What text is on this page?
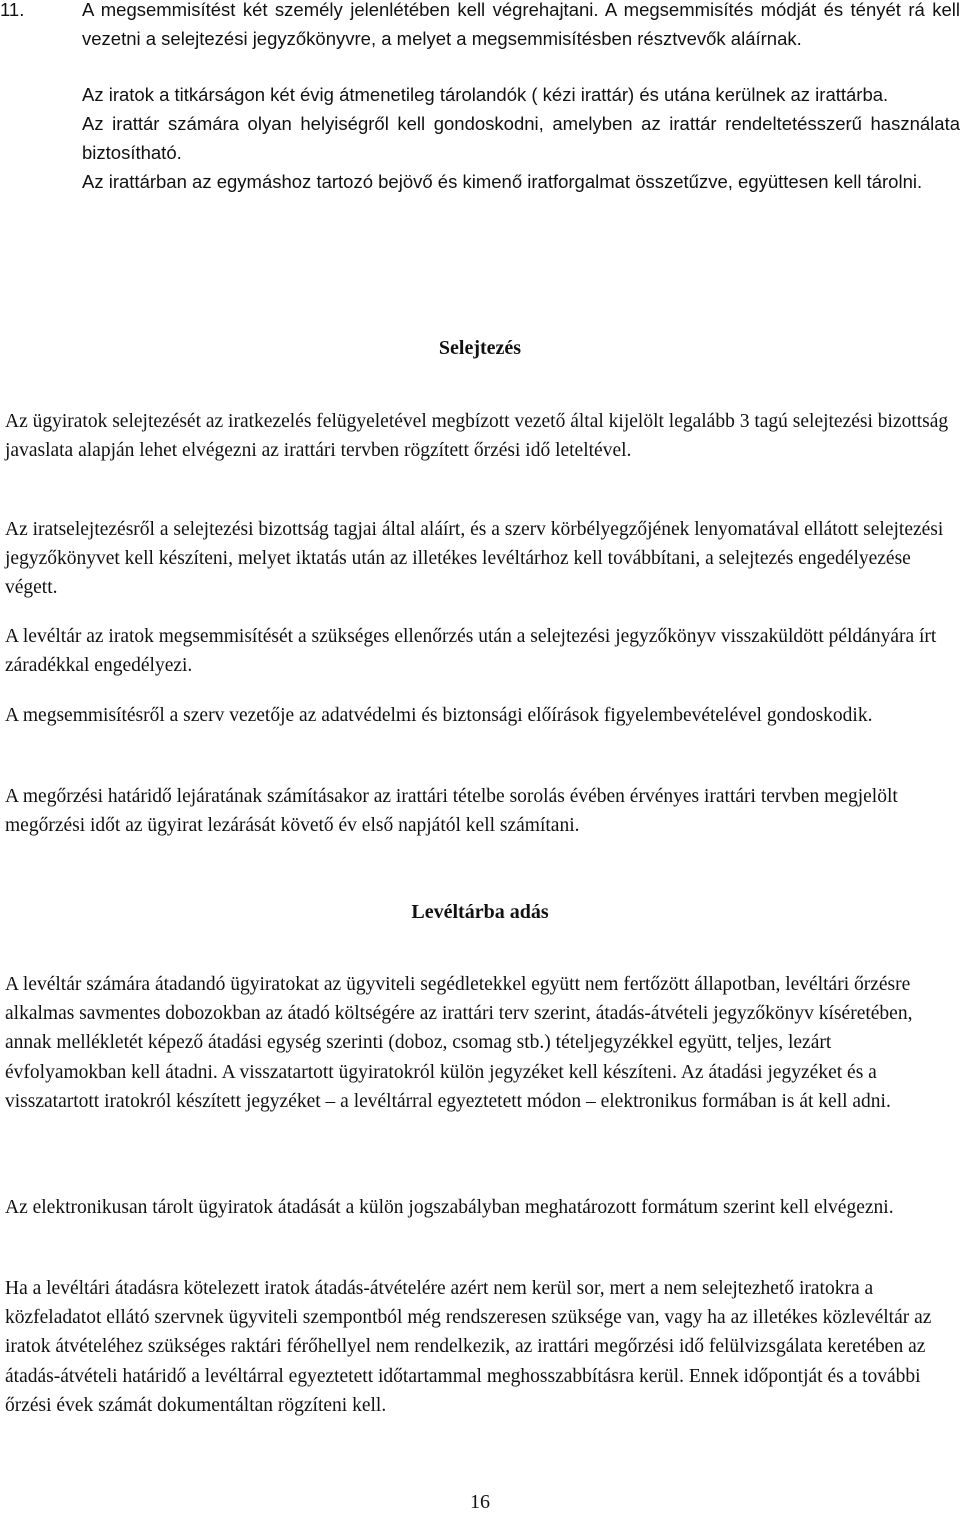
11.	A megsemmisítést két személy jelenlétében kell végrehajtani. A megsemmisítés módját és tényét rá kell vezetni a selejtezési jegyzőkönyvre, a melyet a megsemmisítésben résztvevők aláírnak.

Az iratok a titkárságon két évig átmenetileg tárolandók ( kézi irattár) és utána kerülnek az irattárba.

Az irattár számára olyan helyiségről kell gondoskodni, amelyben az irattár rendeltetésszerű használata biztosítható.

Az irattárban az egymáshoz tartozó bejövő és kimenő iratforgalmat összetűzve, együttesen kell tárolni.

Selejtezés

Az ügyiratok selejtezését az iratkezelés felügyeletével megbízott vezető által kijelölt legalább 3 tagú selejtezési bizottság javaslata alapján lehet elvégezni az irattári tervben rögzített őrzési idő leteltével.

Az iratselejtezésről a selejtezési bizottság tagjai által aláírt, és a szerv körbélyegzőjének lenyomatával ellátott selejtezési jegyzőkönyvet kell készíteni, melyet iktatás után az illetékes levéltárhoz kell továbbítani, a selejtezés engedélyezése végett.

A levéltár az iratok megsemmisítését a szükséges ellenőrzés után a selejtezési jegyzőkönyv visszaküldött példányára írt záradékkal engedélyezi.

A megsemmisítésről a szerv vezetője az adatvédelmi és biztonsági előírások figyelembevételével gondoskodik.

A megőrzési határidő lejáratának számításakor az irattári tételbe sorolás évében érvényes irattári tervben megjelölt megőrzési időt az ügyirat lezárását követő év első napjától kell számítani.

Levéltárba adás

A levéltár számára átadandó ügyiratokat az ügyviteli segédletekkel együtt nem fertőzött állapotban, levéltári őrzésre alkalmas savmentes dobozokban az átadó költségére az irattári terv szerint, átadás-átvételi jegyzőkönyv kíséretében, annak mellékletét képező átadási egység szerinti (doboz, csomag stb.) tételjegyzékkel együtt, teljes, lezárt évfolyamokban kell átadni. A visszatartott ügyiratokról külön jegyzéket kell készíteni. Az átadási jegyzéket és a visszatartott iratokról készített jegyzéket – a levéltárral egyeztetett módon – elektronikus formában is át kell adni.

Az elektronikusan tárolt ügyiratok átadását a külön jogszabályban meghatározott formátum szerint kell elvégezni.

Ha a levéltári átadásra kötelezett iratok átadás-átvételére azért nem kerül sor, mert a nem selejtezhető iratokra a közfeladatot ellátó szervnek ügyviteli szempontból még rendszeresen szüksége van, vagy ha az illetékes közlevéltár az iratok átvételéhez szükséges raktári férőhellyel nem rendelkezik, az irattári megőrzési idő felülvizsgálata keretében az átadás-átvételi határidő a levéltárral egyeztetett időtartammal meghosszabbításra kerül. Ennek időpontját és a további őrzési évek számát dokumentáltan rögzíteni kell.

16
